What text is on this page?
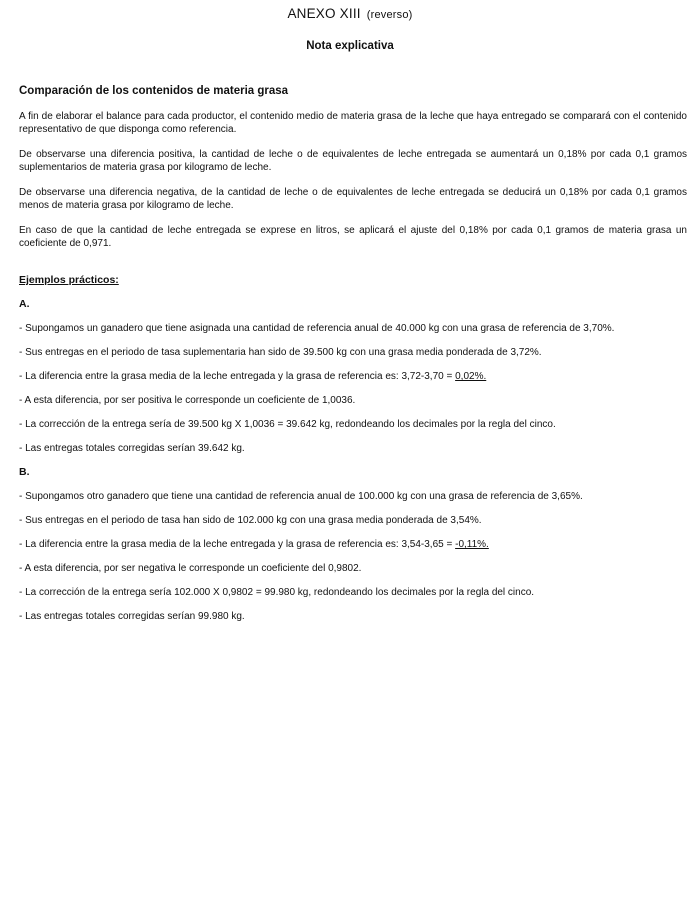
ANEXO XIII (reverso)
Nota explicativa
Comparación de los contenidos de materia grasa
A fin de elaborar el balance para cada productor, el contenido medio de materia grasa de la leche que haya entregado se comparará con el contenido representativo de que disponga como referencia.
De observarse una diferencia positiva, la cantidad de leche o de equivalentes de leche entregada se aumentará un 0,18% por cada 0,1 gramos suplementarios de materia grasa por kilogramo de leche.
De observarse una diferencia negativa, de la cantidad de leche o de equivalentes de leche entregada se deducirá un 0,18% por cada 0,1 gramos menos de materia grasa por kilogramo de leche.
En caso de que la cantidad de leche entregada se exprese en litros, se aplicará el ajuste del 0,18% por cada 0,1 gramos de materia grasa un coeficiente de 0,971.
Ejemplos prácticos:
A.
- Supongamos un ganadero que tiene asignada una cantidad de referencia anual de 40.000 kg con una grasa de referencia de 3,70%.
- Sus entregas en el periodo de tasa suplementaria han sido de 39.500 kg con una grasa media ponderada de 3,72%.
- La diferencia entre la grasa media de la leche entregada y la grasa de referencia es: 3,72-3,70 = 0,02%.
- A esta diferencia, por ser positiva le corresponde un coeficiente de 1,0036.
- La corrección de la entrega sería de 39.500 kg X 1,0036 = 39.642 kg, redondeando los decimales por la regla del cinco.
- Las entregas totales corregidas serían 39.642 kg.
B.
- Supongamos otro ganadero que tiene una cantidad de referencia anual de 100.000 kg con una grasa de referencia de 3,65%.
- Sus entregas en el periodo de tasa han sido de 102.000 kg con una grasa media ponderada de 3,54%.
- La diferencia entre la grasa media de la leche entregada y la grasa de referencia es: 3,54-3,65 = -0,11%.
- A esta diferencia, por ser negativa le corresponde un coeficiente del 0,9802.
- La corrección de la entrega sería 102.000 X 0,9802 = 99.980 kg, redondeando los decimales por la regla del cinco.
- Las entregas totales corregidas serían 99.980 kg.
